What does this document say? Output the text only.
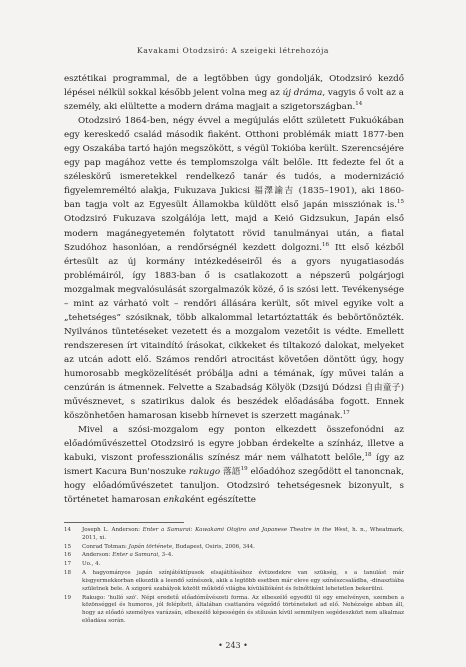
Kavakami Otodzsiró: A szeigeki létrehozója

esztétikai programmal, de a legtöbben úgy gondolják, Otodzsiró kezdő lépései nélkül sokkal később jelent volna meg az új dráma, vagyis ő volt az a személy, aki elültette a modern dráma magjait a szigetországban.$^{14}$

Otodzsiró 1864-ben, négy évvel a megújulás előtt született Fukuókában egy kereskedő család második fiaként. Otthoni problémák miatt 1877-ben egy Oszakába tartó hajón megszökött, s végül Tokióba került. Szerencséjére egy pap magához vette és templomszolga vált belőle. Itt fedezte fel őt a széleskörű ismeretekkel rendelkező tanár és tudós, a modernizáció figyelemreméltó alakja, Fukuzava Jukicsi 福澤諭吉 (1835–1901), aki 1860-ban tagja volt az Egyesült Államokba küldött első japán missziónak is.$^{15}$ Otodzsiró Fukuzava szolgálója lett, majd a Keió Gidzsukun, Japán első modern magánegyetemén folytatott rövid tanulmányai után, a fiatal Szudóhoz hasonlóan, a rendőrségnél kezdett dolgozni.$^{16}$ Itt első kézből értesült az új kormány intézkedéseiről és a gyors nyugatiasodás problémáiról, így 1883-ban ő is csatlakozott a népszerű polgárjogi mozgalmak megvalósulását szorgalmazók közé, ő is szósi lett. Tevékenysége – mint az várható volt – rendőri állására került, sőt mivel egyike volt a „tehetséges” szósiknak, több alkalommal letartóztatták és bebörtönözték. Nyilvános tüntetéseket vezetett és a mozgalom vezetőit is védte. Emellett rendszeresen írt vitaindító írásokat, cikkeket és tiltakozó dalokat, melyeket az utcán adott elő. Számos rendőri atrocitást követően döntött úgy, hogy humorosabb megközelítését próbálja adni a témának, így művei talán a cenzúrán is átmennek. Felvette a Szabadság Kölyök (Dzsijú Dódzsi 自由童子) művésznevet, s szatirikus dalok és beszédek előadásába fogott. Ennek köszönhetően hamarosan kisebb hírnevet is szerzett magának.$^{17}$

Mivel a szósi-mozgalom egy ponton elkezdett összefonódni az előadóművészettel Otodzsiró is egyre jobban érdekelte a színház, illetve a kabuki, viszont professzionális színész már nem válhatott belőle,$^{18}$ így az ismert Kacura Bun'noszuke rakugo 落語$^{19}$ előadóhoz szegődött el tanoncnak, hogy előadóművészetet tanuljon. Otodzsiró tehetségesnek bizonyult, s történetet hamarosan enkaként egészítette

14	Joseph L. Anderson: Enter a Samurai: Kawakami Otojiro and Japanese Theatre in the West, h. n., Wheatmark, 2011, xi.
15	Conrad Totman: Japán története, Budapest, Osiris, 2006, 344.
16	Anderson: Enter a Samurai, 3–4.
17	Uo., 4.
18	A hagyományos japán színjátéktípusok elsajátításához évtizedekre van szükség, s a tanulást már kisgyermekkorban elkezdik a leendő színészek, akik a legtöbb esetben már eleve egy színészcsaládba, -dinasztiába születnek bele. A szigorú szabályok között működő világba kívülállóként és felnőttként lehetetlen bekerülni.
19	Rakugo: 'hulló szó'. Népi eredetű előadóművészeti forma. Az elbeszélő egyedül ül egy emelvényen, szemben a közönséggel és humoros, jól felépített, általában csattanóra végződő történeteket ad elő. Nehézsége abban áll, hogy az előadó személyes varázsán, elbeszélő képességén és stílusán kívül semmilyen segédeszközt nem alkalmaz előadása során.
• 243 •
